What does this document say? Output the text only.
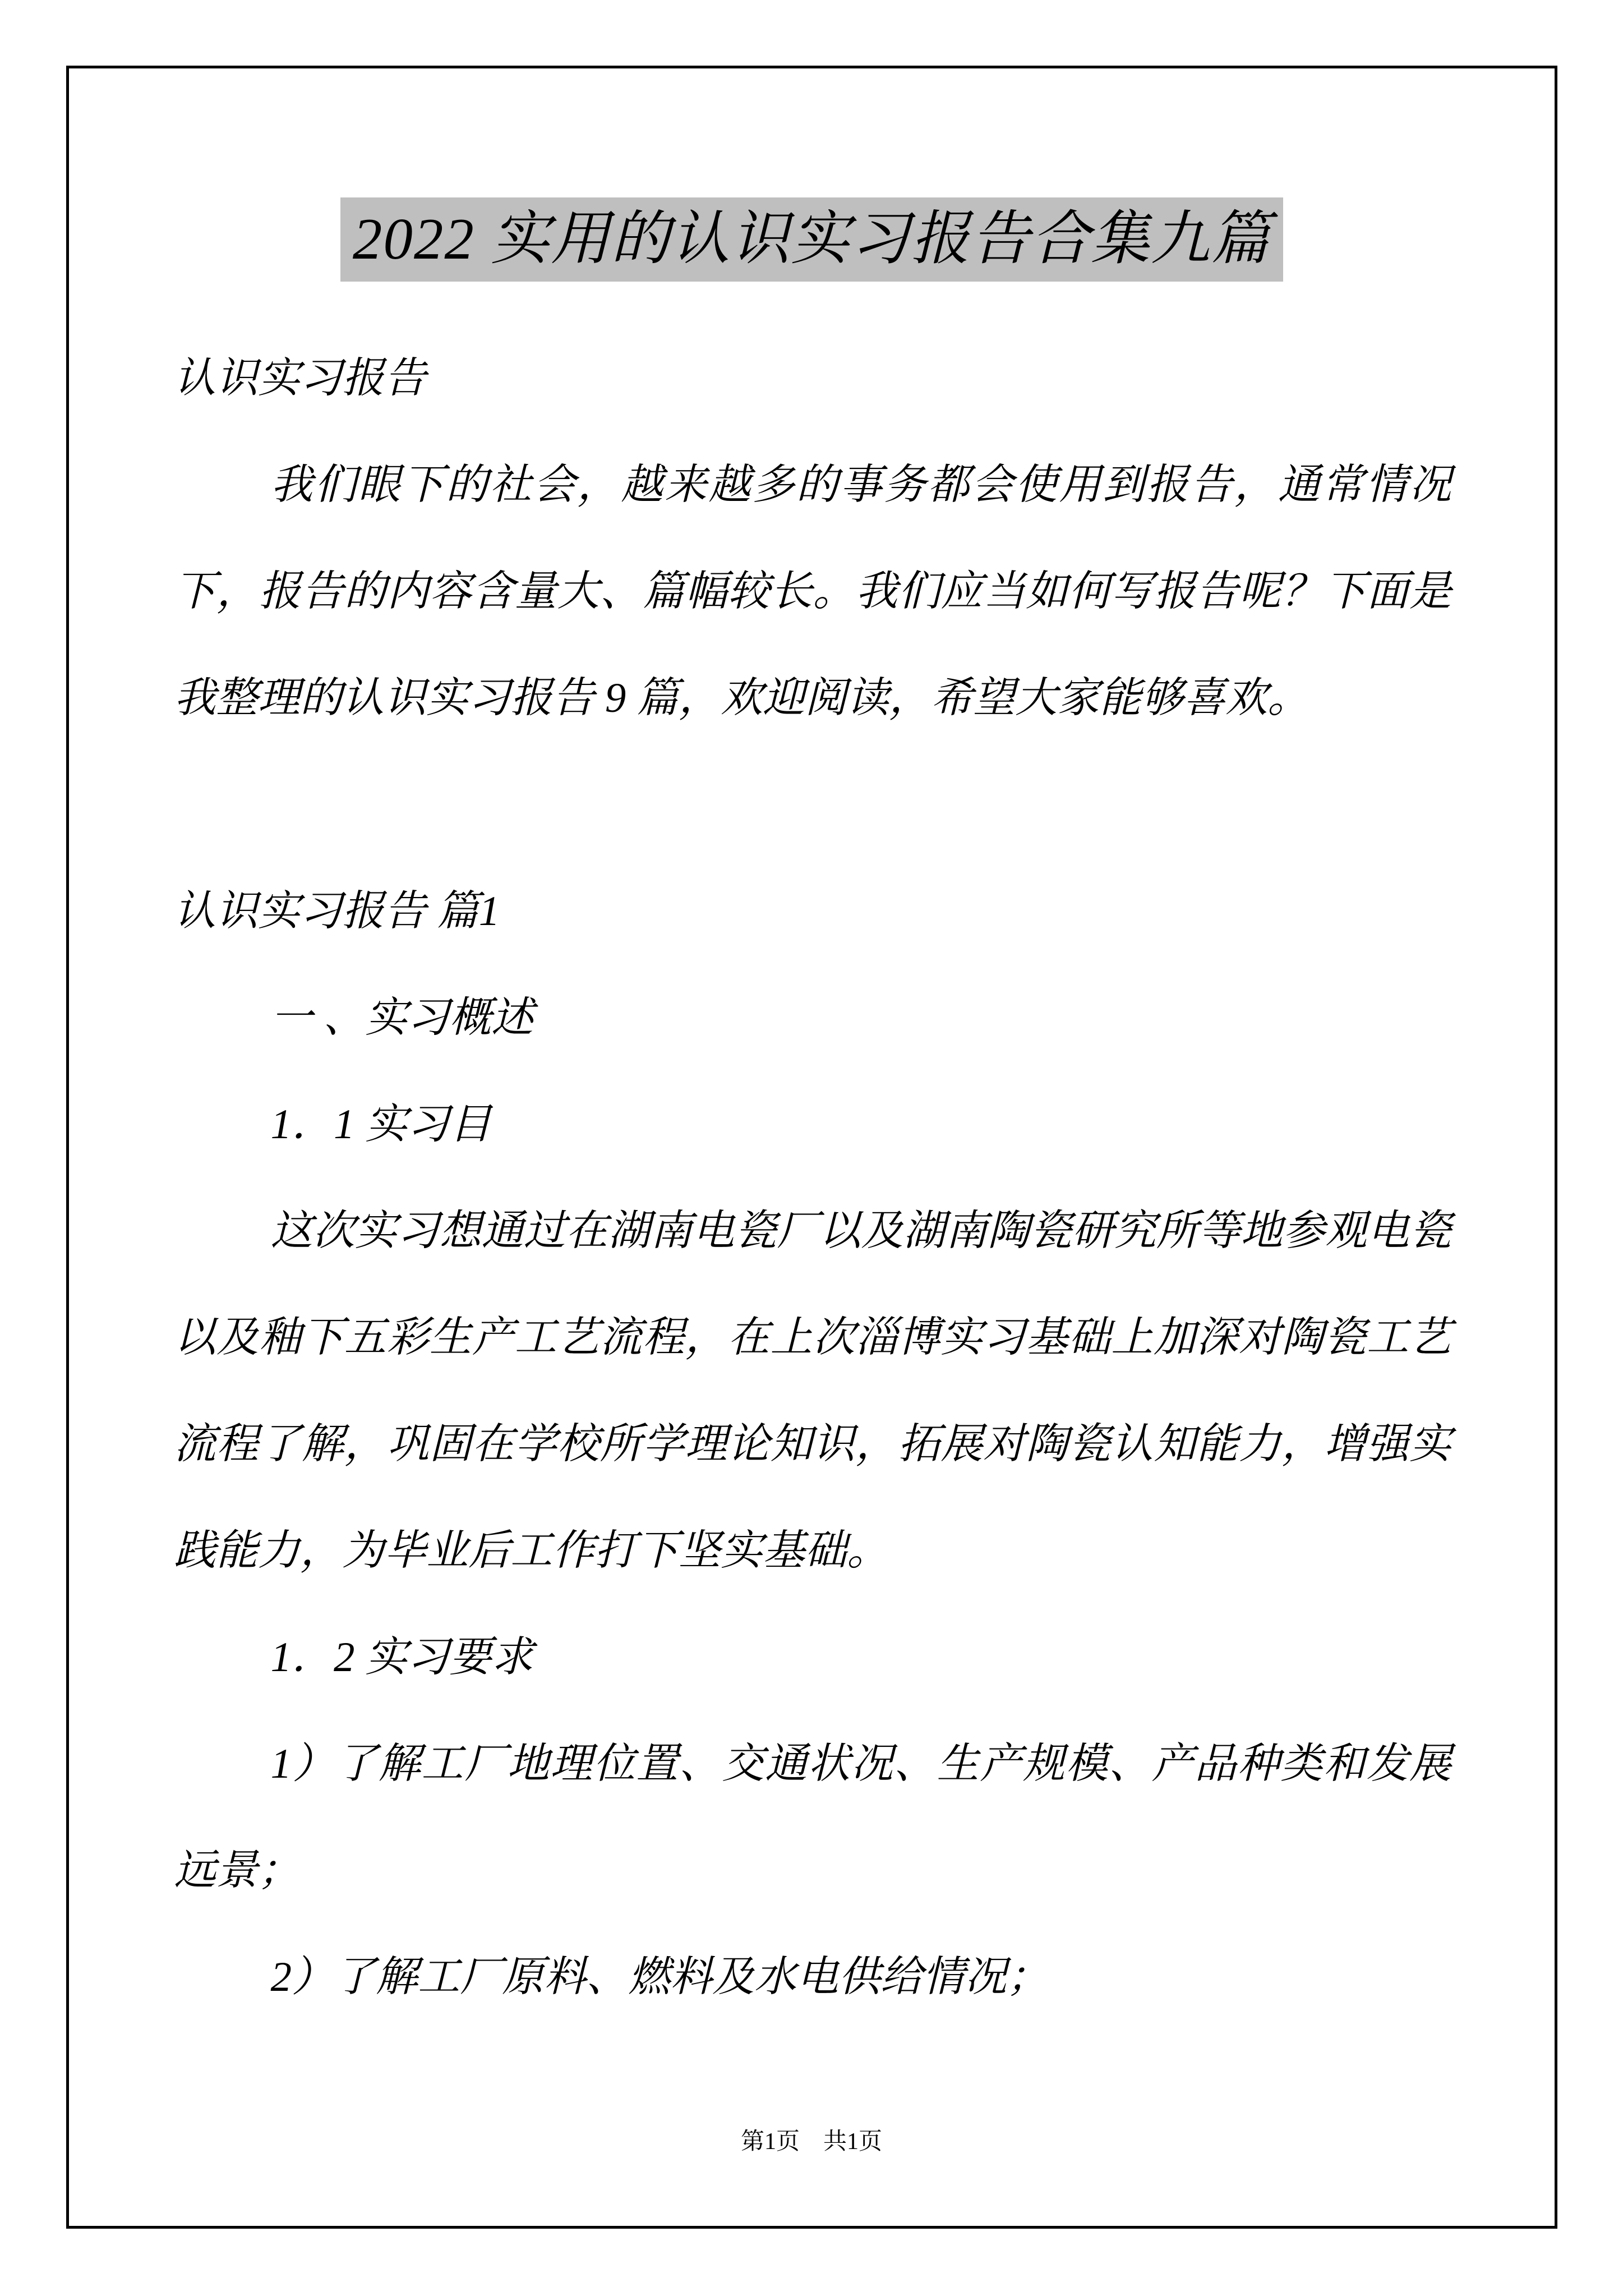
2022 实用的认识实习报告合集九篇

认识实习报告

我们眼下的社会，越来越多的事务都会使用到报告，通常情况下，报告的内容含量大、篇幅较长。我们应当如何写报告呢？下面是我整理的认识实习报告 9 篇，欢迎阅读，希望大家能够喜欢。

认识实习报告 篇1

一 、实习概述

1．1 实习目

这次实习想通过在湖南电瓷厂以及湖南陶瓷研究所等地参观电瓷以及釉下五彩生产工艺流程，在上次淄博实习基础上加深对陶瓷工艺流程了解，巩固在学校所学理论知识，拓展对陶瓷认知能力，增强实践能力，为毕业后工作打下坚实基础。

1．2 实习要求

1）了解工厂地理位置、交通状况、生产规模、产品种类和发展远景；

2）了解工厂原料、燃料及水电供给情况；

第1页　共1页
